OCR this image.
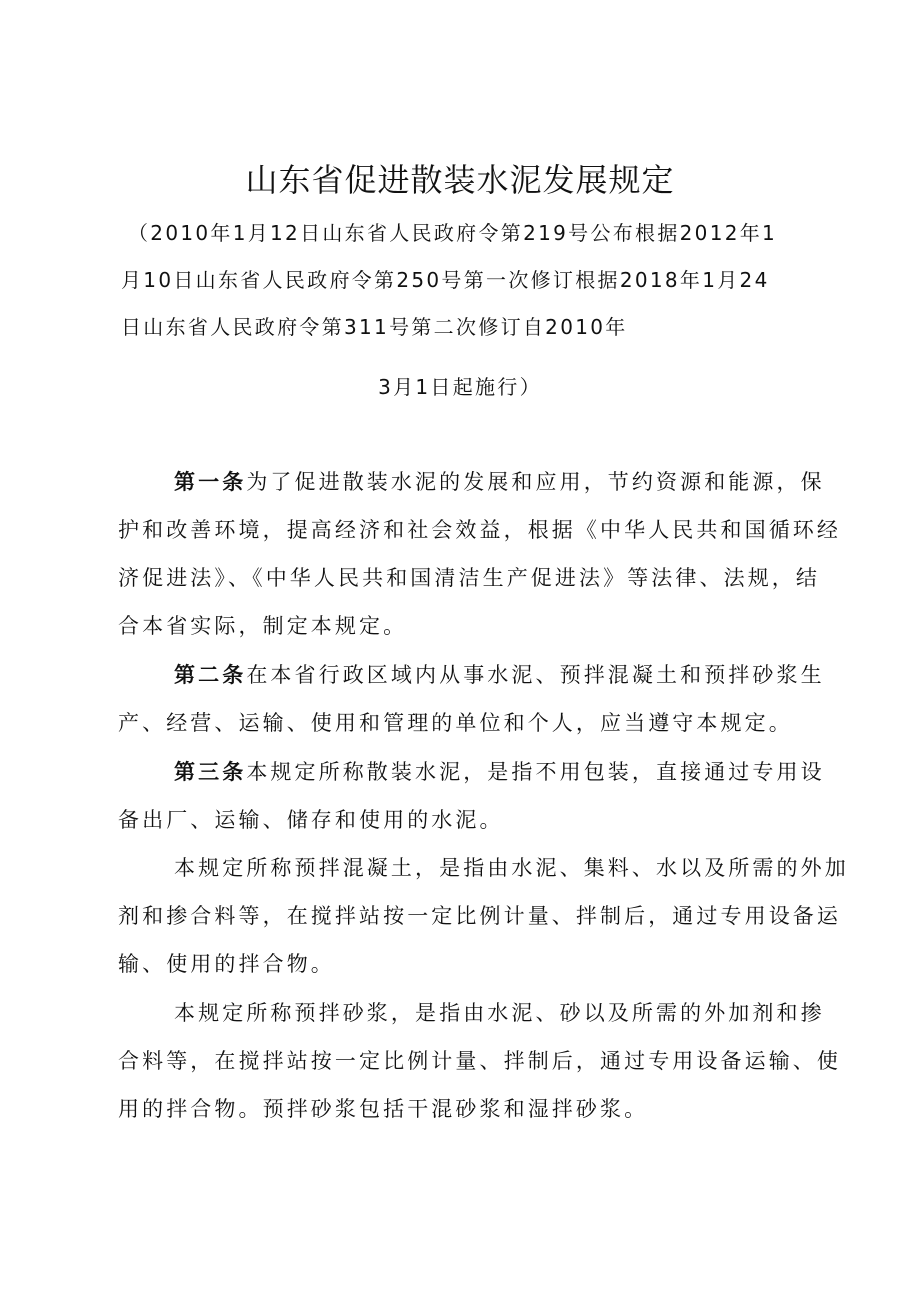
山东省促进散装水泥发展规定

（2010年1月12日山东省人民政府令第219号公布根据2012年1

月10日山东省人民政府令第250号第一次修订根据2018年1月24

日山东省人民政府令第311号第二次修订自2010年

3月1日起施行）

第一条为了促进散装水泥的发展和应用，节约资源和能源，保

护和改善环境，提高经济和社会效益，根据《中华人民共和国循环经

济促进法》、《中华人民共和国清洁生产促进法》等法律、法规，结

合本省实际，制定本规定。

第二条在本省行政区域内从事水泥、预拌混凝土和预拌砂浆生

产、经营、运输、使用和管理的单位和个人，应当遵守本规定。

第三条本规定所称散装水泥，是指不用包装，直接通过专用设

备出厂、运输、储存和使用的水泥。

本规定所称预拌混凝土，是指由水泥、集料、水以及所需的外加

剂和掺合料等，在搅拌站按一定比例计量、拌制后，通过专用设备运

输、使用的拌合物。

本规定所称预拌砂浆，是指由水泥、砂以及所需的外加剂和掺

合料等，在搅拌站按一定比例计量、拌制后，通过专用设备运输、使

用的拌合物。预拌砂浆包括干混砂浆和湿拌砂浆。
